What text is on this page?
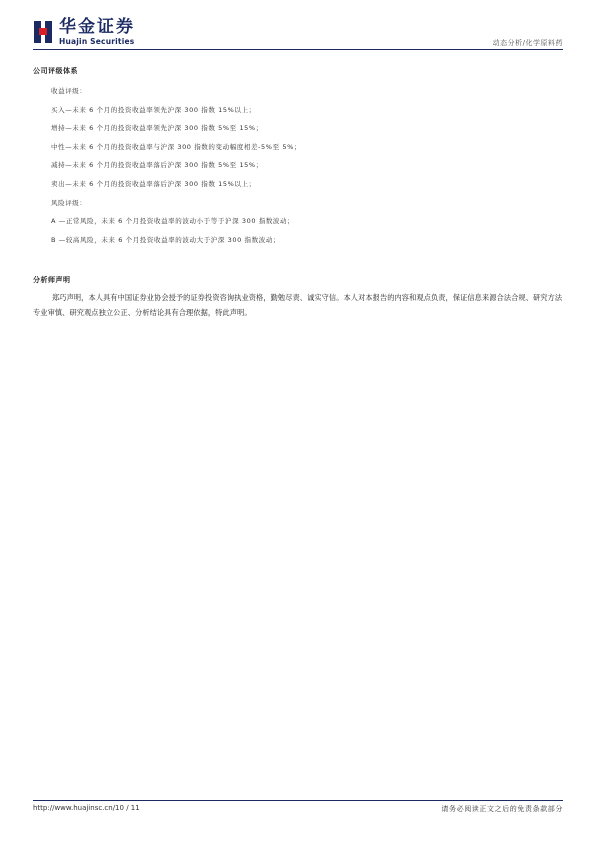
华金证券
Huajin Securities	动态分析/化学原料药
公司评级体系
收益评级：
买入—未来 6 个月的投资收益率领先沪深 300 指数 15%以上；
增持—未来 6 个月的投资收益率领先沪深 300 指数 5%至 15%；
中性—未来 6 个月的投资收益率与沪深 300 指数的变动幅度相差-5%至 5%；
减持—未来 6 个月的投资收益率落后沪深 300 指数 5%至 15%；
卖出—未来 6 个月的投资收益率落后沪深 300 指数 15%以上；
风险评级：
A —正常风险，未来 6 个月投资收益率的波动小于等于沪深 300 指数波动；
B —较高风险，未来 6 个月投资收益率的波动大于沪深 300 指数波动；
分析师声明
郑巧声明，本人具有中国证券业协会授予的证券投资咨询执业资格，勤勉尽责、诚实守信。本人对本报告的内容和观点负责，保证信息来源合法合规、研究方法专业审慎、研究观点独立公正、分析结论具有合理依据，特此声明。
http://www.huajinsc.cn/10 / 11	请务必阅读正文之后的免责条款部分
